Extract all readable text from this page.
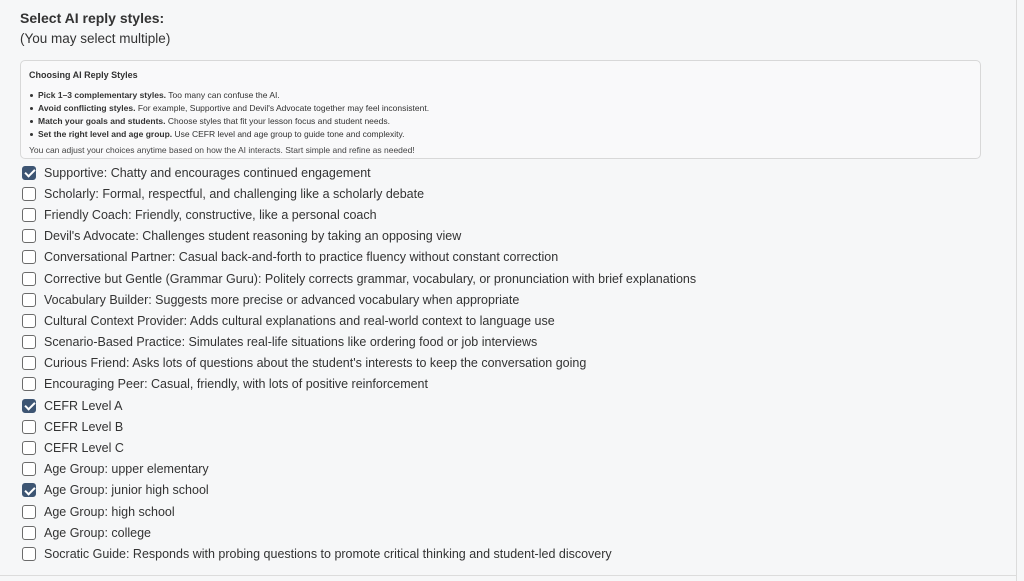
Select AI reply styles:
(You may select multiple)
Choosing AI Reply Styles
Pick 1–3 complementary styles. Too many can confuse the AI.
Avoid conflicting styles. For example, Supportive and Devil's Advocate together may feel inconsistent.
Match your goals and students. Choose styles that fit your lesson focus and student needs.
Set the right level and age group. Use CEFR level and age group to guide tone and complexity.
You can adjust your choices anytime based on how the AI interacts. Start simple and refine as needed!
Supportive: Chatty and encourages continued engagement
Scholarly: Formal, respectful, and challenging like a scholarly debate
Friendly Coach: Friendly, constructive, like a personal coach
Devil's Advocate: Challenges student reasoning by taking an opposing view
Conversational Partner: Casual back-and-forth to practice fluency without constant correction
Corrective but Gentle (Grammar Guru): Politely corrects grammar, vocabulary, or pronunciation with brief explanations
Vocabulary Builder: Suggests more precise or advanced vocabulary when appropriate
Cultural Context Provider: Adds cultural explanations and real-world context to language use
Scenario-Based Practice: Simulates real-life situations like ordering food or job interviews
Curious Friend: Asks lots of questions about the student's interests to keep the conversation going
Encouraging Peer: Casual, friendly, with lots of positive reinforcement
CEFR Level A
CEFR Level B
CEFR Level C
Age Group: upper elementary
Age Group: junior high school
Age Group: high school
Age Group: college
Socratic Guide: Responds with probing questions to promote critical thinking and student-led discovery
